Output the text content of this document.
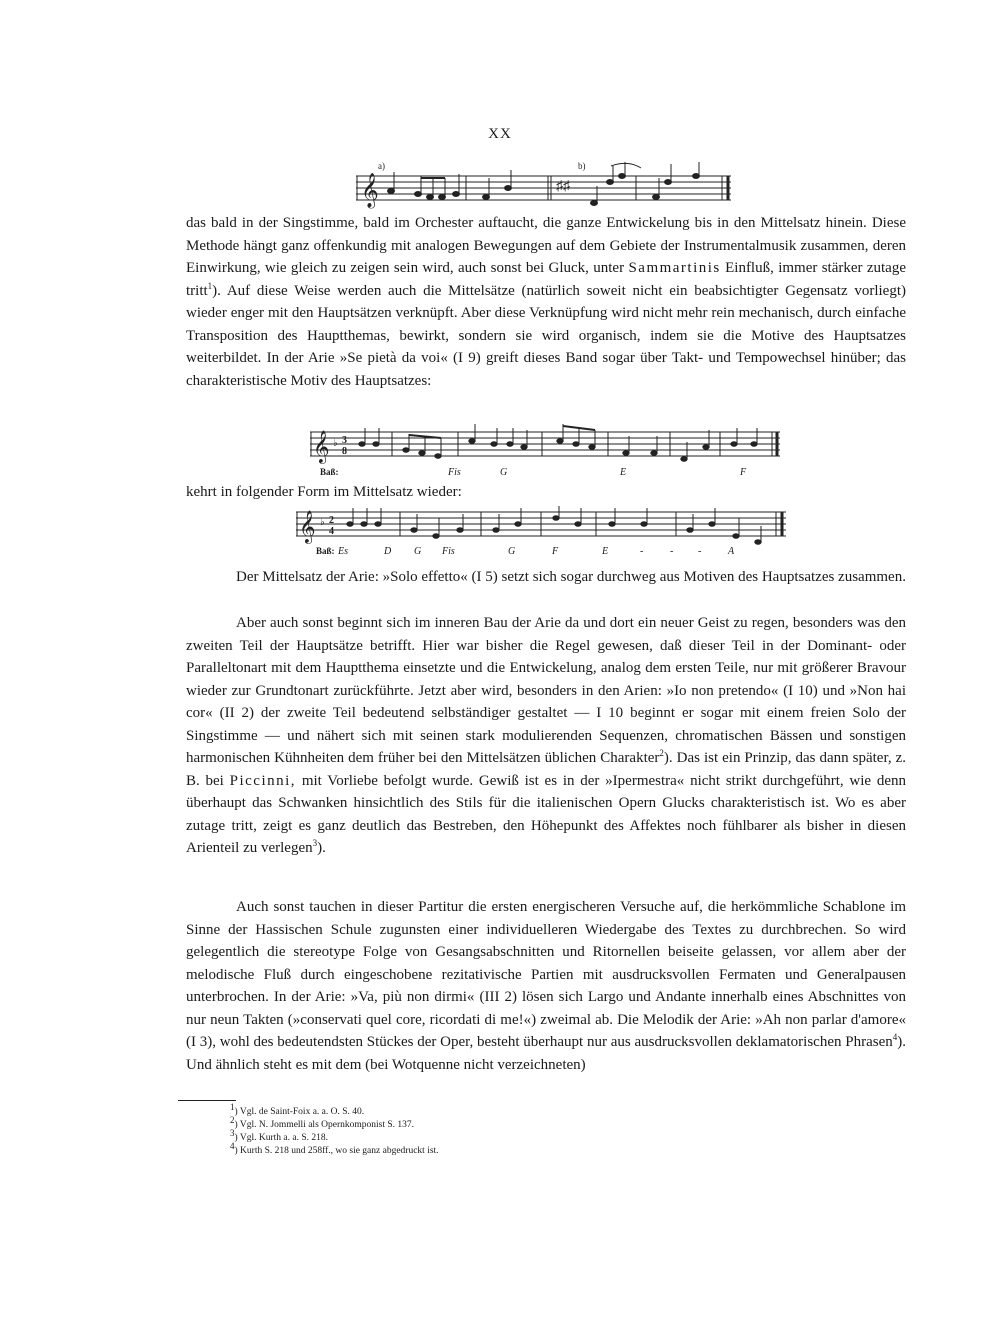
XX
𝄞	♯♯
a)	b)

das bald in der Singstimme, bald im Orchester auftaucht, die ganze Entwickelung bis in den Mittelsatz hinein. Diese Methode hängt ganz offenkundig mit analogen Bewegungen auf dem Gebiete der Instrumentalmusik zusammen, deren Einwirkung, wie gleich zu zeigen sein wird, auch sonst bei Gluck, unter Sammartinis Einfluß, immer stärker zutage tritt$^1$). Auf diese Weise werden auch die Mittelsätze (natürlich soweit nicht ein beabsichtigter Gegensatz vorliegt) wieder enger mit den Hauptsätzen verknüpft. Aber diese Verknüpfung wird nicht mehr rein mechanisch, durch einfache Transposition des Hauptthemas, bewirkt, sondern sie wird organisch, indem sie die Motive des Hauptsatzes weiterbildet. In der Arie »Se pietà da voi« (I 9) greift dieses Band sogar über Takt- und Tempowechsel hinüber; das charakteristische Motiv des Hauptsatzes:

𝄞 ♭ 3
8
Baß:	Fis	G	E	F

kehrt in folgender Form im Mittelsatz wieder:

𝄞 ♭ 2
4
Baß: Es	D G Fis	G	F	E	-	- -	A

Der Mittelsatz der Arie: »Solo effetto« (I 5) setzt sich sogar durchweg aus Motiven des Hauptsatzes zusammen.

Aber auch sonst beginnt sich im inneren Bau der Arie da und dort ein neuer Geist zu regen, besonders was den zweiten Teil der Hauptsätze betrifft. Hier war bisher die Regel gewesen, daß dieser Teil in der Dominant- oder Paralleltonart mit dem Hauptthema einsetzte und die Entwickelung, analog dem ersten Teile, nur mit größerer Bravour wieder zur Grundtonart zurückführte. Jetzt aber wird, besonders in den Arien: »Io non pretendo« (I 10) und »Non hai cor« (II 2) der zweite Teil bedeutend selbständiger gestaltet — I 10 beginnt er sogar mit einem freien Solo der Singstimme — und nähert sich mit seinen stark modulierenden Sequenzen, chromatischen Bässen und sonstigen harmonischen Kühnheiten dem früher bei den Mittelsätzen üblichen Charakter$^2$). Das ist ein Prinzip, das dann später, z. B. bei Piccinni, mit Vorliebe befolgt wurde. Gewiß ist es in der »Ipermestra« nicht strikt durchgeführt, wie denn überhaupt das Schwanken hinsichtlich des Stils für die italienischen Opern Glucks charakteristisch ist. Wo es aber zutage tritt, zeigt es ganz deutlich das Bestreben, den Höhepunkt des Affektes noch fühlbarer als bisher in diesen Arienteil zu verlegen$^3$).

Auch sonst tauchen in dieser Partitur die ersten energischeren Versuche auf, die herkömmliche Schablone im Sinne der Hassischen Schule zugunsten einer individuelleren Wiedergabe des Textes zu durchbrechen. So wird gelegentlich die stereotype Folge von Gesangsabschnitten und Ritornellen beiseite gelassen, vor allem aber der melodische Fluß durch eingeschobene rezitativische Partien mit ausdrucksvollen Fermaten und Generalpausen unterbrochen. In der Arie: »Va, più non dirmi« (III 2) lösen sich Largo und Andante innerhalb eines Abschnittes von nur neun Takten (»conservati quel core, ricordati di me!«) zweimal ab. Die Melodik der Arie: »Ah non parlar d'amore« (I 3), wohl des bedeutendsten Stückes der Oper, besteht überhaupt nur aus ausdrucksvollen deklamatorischen Phrasen$^4$). Und ähnlich steht es mit dem (bei Wotquenne nicht verzeichneten)

$^1$) Vgl. de Saint-Foix a. a. O. S. 40.
$^2$) Vgl. N. Jommelli als Opernkomponist S. 137.
$^3$) Vgl. Kurth a. a. S. 218.
$^4$) Kurth S. 218 und 258ff., wo sie ganz abgedruckt ist.
